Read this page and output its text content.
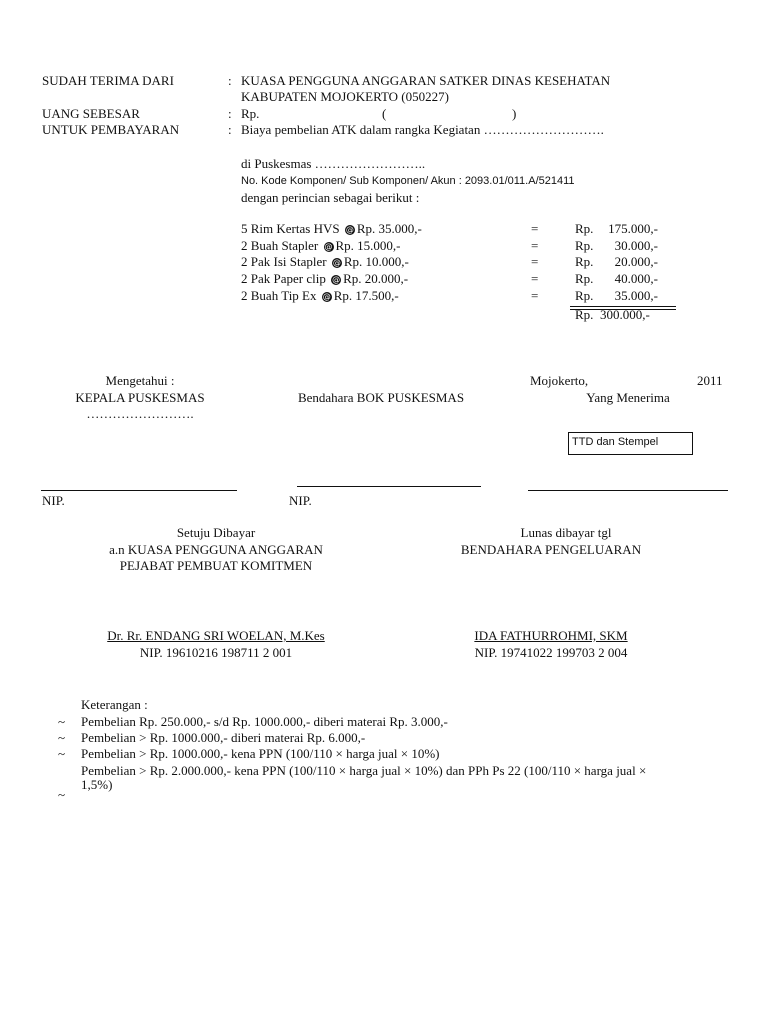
SUDAH TERIMA DARI	: KUASA PENGGUNA ANGGARAN SATKER DINAS KESEHATAN
KABUPATEN MOJOKERTO (050227)
UANG SEBESAR	: Rp.	(	)
UNTUK PEMBAYARAN	: Biaya pembelian ATK dalam rangka Kegiatan ……………………….
di Puskesmas ……………………..
No. Kode Komponen/ Sub Komponen/ Akun : 2093.01/011.A/521411
dengan perincian sebagai berikut :
5 Rim Kertas HVS @ Rp. 35.000,-	=	Rp.	175.000,-
2 Buah Stapler @ Rp. 15.000,-	=	Rp.	30.000,-
2 Pak Isi Stapler @ Rp. 10.000,-	=	Rp.	20.000,-
2 Pak Paper clip @ Rp. 20.000,-	=	Rp.	40.000,-
2 Buah Tip Ex @ Rp. 17.500,-	=	Rp.	35.000,-
Rp. 300.000,-
Mengetahui :
KEPALA PUSKESMAS
…………………….
Bendahara BOK PUSKESMAS
Mojokerto,	2011
Yang Menerima
TTD dan Stempel
NIP.	NIP.
Setuju Dibayar
a.n KUASA PENGGUNA ANGGARAN
PEJABAT PEMBUAT KOMITMEN
Lunas dibayar tgl
BENDAHARA PENGELUARAN
Dr. Rr. ENDANG SRI WOELAN, M.Kes
NIP. 19610216 198711 2 001
IDA FATHURROHMI, SKM
NIP. 19741022 199703 2 004
Keterangan :
~ Pembelian Rp. 250.000,- s/d Rp. 1000.000,- diberi materai Rp. 3.000,-
~ Pembelian > Rp. 1000.000,- diberi materai Rp. 6.000,-
~ Pembelian > Rp. 1000.000,- kena PPN (100/110 × harga jual × 10%)
Pembelian > Rp. 2.000.000,- kena PPN (100/110 × harga jual × 10%) dan PPh Ps 22 (100/110 × harga jual ×
1,5%)
~
